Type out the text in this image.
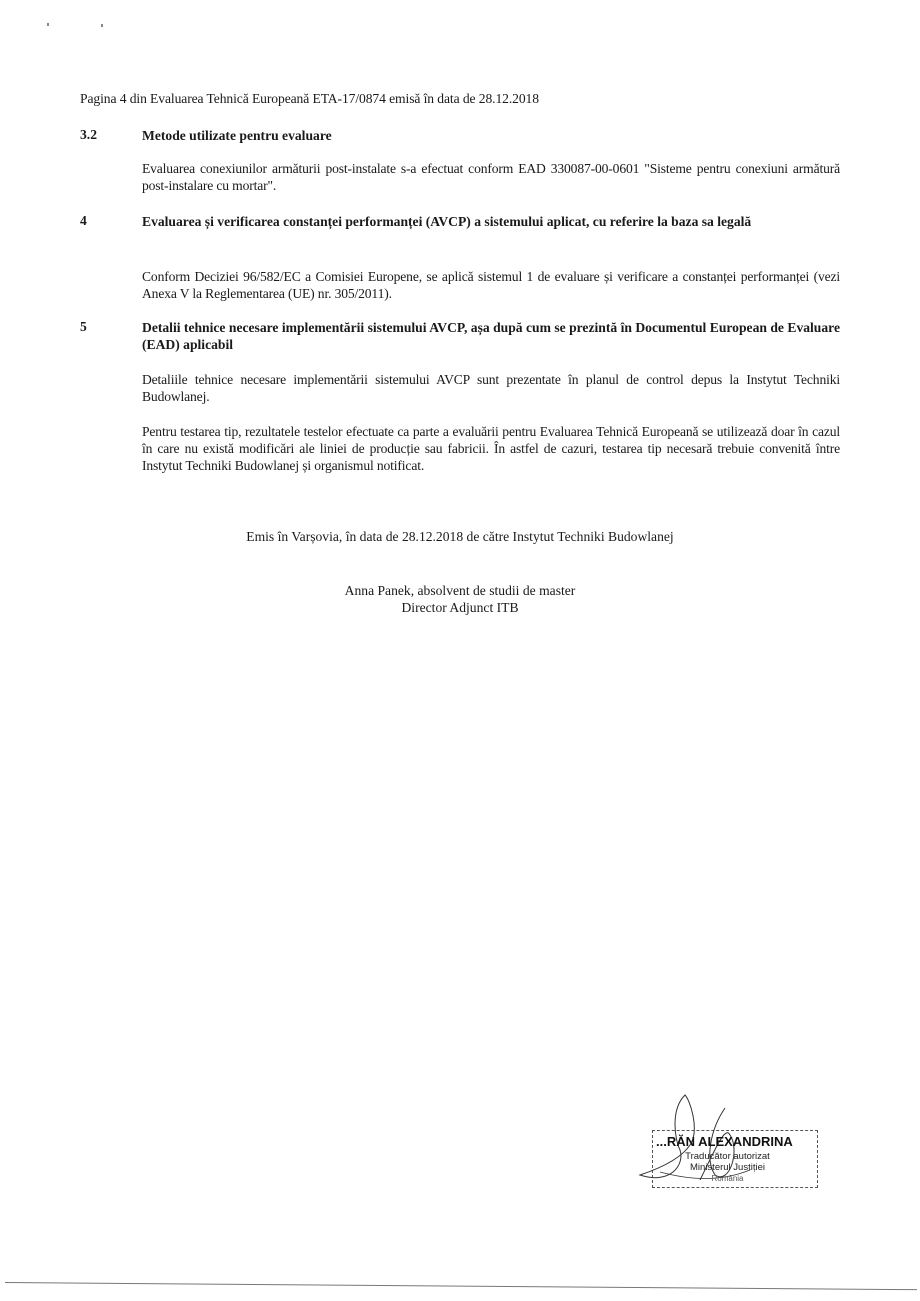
Pagina 4 din Evaluarea Tehnică Europeană ETA-17/0874 emisă în data de 28.12.2018
3.2	Metode utilizate pentru evaluare
Evaluarea conexiunilor armăturii post-instalate s-a efectuat conform EAD 330087-00-0601 "Sisteme pentru conexiuni armătură post-instalare cu mortar".
4	Evaluarea și verificarea constanței performanței (AVCP) a sistemului aplicat, cu referire la baza sa legală
Conform Deciziei 96/582/EC a Comisiei Europene, se aplică sistemul 1 de evaluare și verificare a constanței performanței (vezi Anexa V la Reglementarea (UE) nr. 305/2011).
5	Detalii tehnice necesare implementării sistemului AVCP, așa după cum se prezintă în Documentul European de Evaluare (EAD) aplicabil
Detaliile tehnice necesare implementării sistemului AVCP sunt prezentate în planul de control depus la Instytut Techniki Budowlanej.
Pentru testarea tip, rezultatele testelor efectuate ca parte a evaluării pentru Evaluarea Tehnică Europeană se utilizează doar în cazul în care nu există modificări ale liniei de producție sau fabricii. În astfel de cazuri, testarea tip necesară trebuie convenită între Instytut Techniki Budowlanej și organismul notificat.
Emis în Varșovia, în data de 28.12.2018 de către Instytut Techniki Budowlanej
Anna Panek, absolvent de studii de master
Director Adjunct ITB
...RĂN ALEXANDRINA
Traducător autorizat
Ministerul Justiției
România
